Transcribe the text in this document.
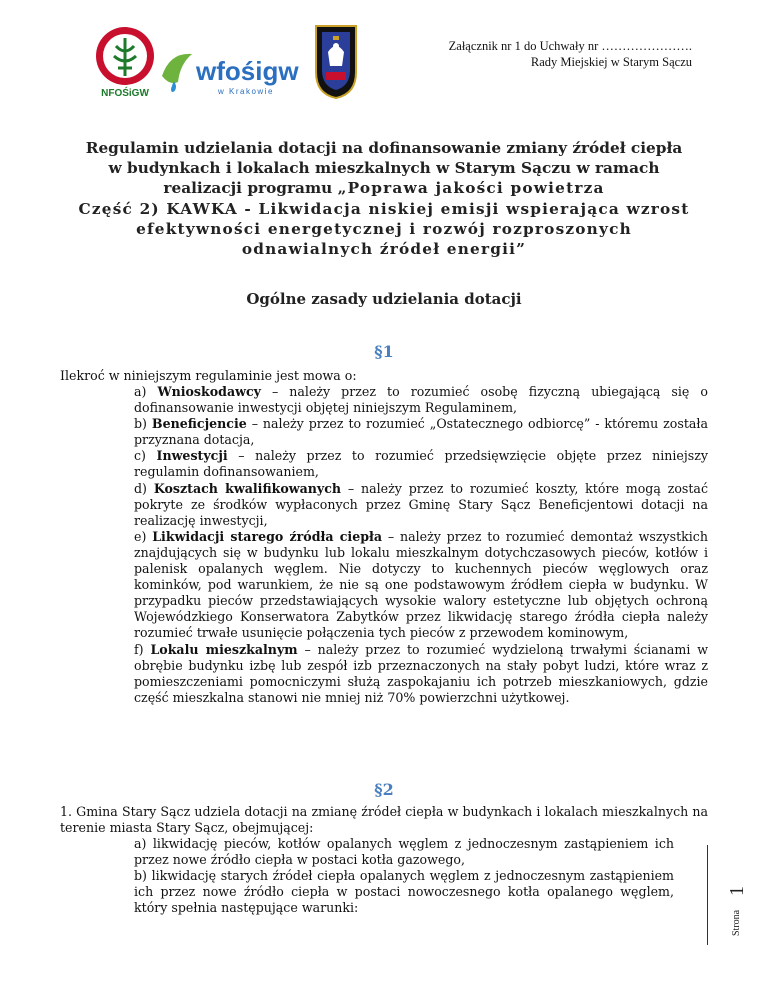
NFOŚiGW
wfośigw
w Krakowie
Załącznik nr 1 do Uchwały nr ………………….
Rady Miejskiej w Starym Sączu
Regulamin udzielania dotacji na dofinansowanie zmiany źródeł ciepła
w budynkach i lokalach mieszkalnych w Starym Sączu w ramach
realizacji programu „Poprawa jakości powietrza
Część 2) KAWKA - Likwidacja niskiej emisji wspierająca wzrost
efektywności energetycznej i rozwój rozproszonych
odnawialnych źródeł energii”
Ogólne zasady udzielania dotacji
§1
Ilekroć w niniejszym regulaminie jest mowa o:
a) Wnioskodawcy – należy przez to rozumieć osobę fizyczną ubiegającą się o dofinansowanie inwestycji objętej niniejszym Regulaminem,
b) Beneficjencie – należy przez to rozumieć „Ostatecznego odbiorcę” - któremu została przyznana dotacja,
c) Inwestycji – należy przez to rozumieć przedsięwzięcie objęte przez niniejszy regulamin dofinansowaniem,
d) Kosztach kwalifikowanych – należy przez to rozumieć koszty, które mogą zostać pokryte ze środków wypłaconych przez Gminę Stary Sącz Beneficjentowi dotacji na realizację inwestycji,
e) Likwidacji starego źródła ciepła – należy przez to rozumieć demontaż wszystkich znajdujących się w budynku lub lokalu mieszkalnym dotychczasowych pieców, kotłów i palenisk opalanych węglem. Nie dotyczy to kuchennych pieców węglowych oraz kominków, pod warunkiem, że nie są one podstawowym źródłem ciepła w budynku. W przypadku pieców przedstawiających wysokie walory estetyczne lub objętych ochroną Wojewódzkiego Konserwatora Zabytków przez likwidację starego źródła ciepła należy rozumieć trwałe usunięcie połączenia tych pieców z przewodem kominowym,
f) Lokalu mieszkalnym – należy przez to rozumieć wydzieloną trwałymi ścianami w obrębie budynku izbę lub zespół izb przeznaczonych na stały pobyt ludzi, które wraz z pomieszczeniami pomocniczymi służą zaspokajaniu ich potrzeb mieszkaniowych, gdzie część mieszkalna stanowi nie mniej niż 70% powierzchni użytkowej.
§2
1. Gmina Stary Sącz udziela dotacji na zmianę źródeł ciepła w budynkach i lokalach mieszkalnych na terenie miasta Stary Sącz, obejmującej:
a) likwidację pieców, kotłów opalanych węglem z jednoczesnym zastąpieniem ich przez nowe źródło ciepła w postaci kotła gazowego,
b) likwidację starych źródeł ciepła opalanych węglem z jednoczesnym zastąpieniem ich przez nowe źródło ciepła w postaci nowoczesnego kotła opalanego węglem, który spełnia następujące warunki:
Strona
1
